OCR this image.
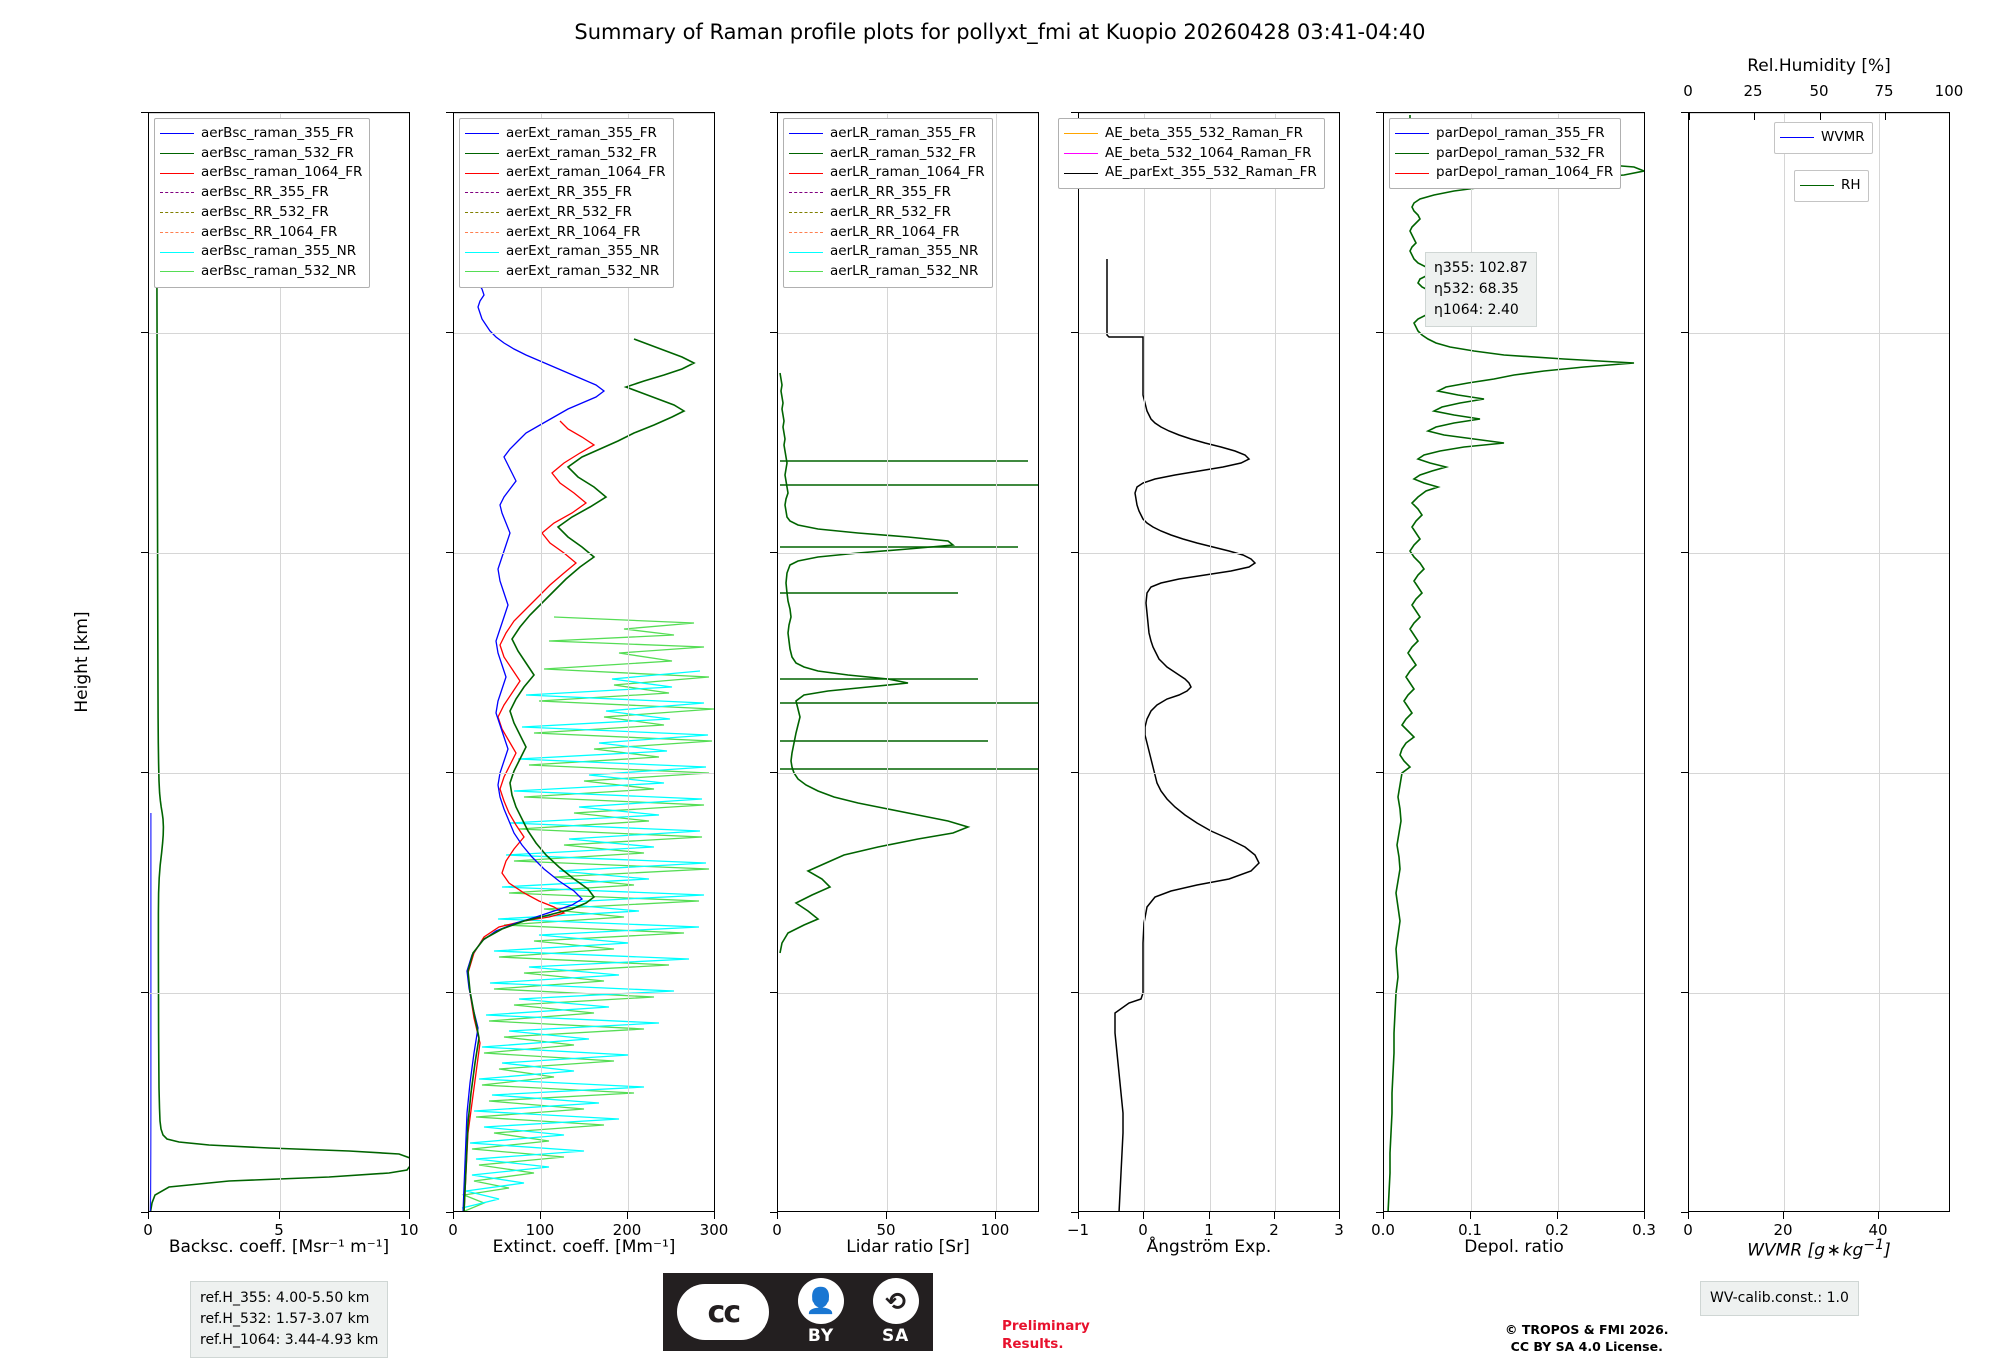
Summary of Raman profile plots for pollyxt_fmi at Kuopio 20260428 03:41-04:40
0	5	10
Backsc. coeff. [Msr⁻¹ m⁻¹]
Height [km]
aerBsc_raman_355_FR
aerBsc_raman_532_FR
aerBsc_raman_1064_FR
aerBsc_RR_355_FR
aerBsc_RR_532_FR
aerBsc_RR_1064_FR
aerBsc_raman_355_NR
aerBsc_raman_532_NR
0	100	200	300
Extinct. coeff. [Mm⁻¹]
aerExt_raman_355_FR
aerExt_raman_532_FR
aerExt_raman_1064_FR
aerExt_RR_355_FR
aerExt_RR_532_FR
aerExt_RR_1064_FR
aerExt_raman_355_NR
aerExt_raman_532_NR
0	50	100
Lidar ratio [Sr]
aerLR_raman_355_FR
aerLR_raman_532_FR
aerLR_raman_1064_FR
aerLR_RR_355_FR
aerLR_RR_532_FR
aerLR_RR_1064_FR
aerLR_raman_355_NR
aerLR_raman_532_NR
−1	0	1	2	3
Ångström Exp.
AE_beta_355_532_Raman_FR
AE_beta_532_1064_Raman_FR
AE_parExt_355_532_Raman_FR
η355: 102.87
η532: 68.35
η1064: 2.40
0.0	0.1	0.2	0.3
Depol. ratio
parDepol_raman_355_FR
parDepol_raman_532_FR
parDepol_raman_1064_FR
Rel.Humidity [%]
0	25	50	75	100
0	20	40
WVMR [g ∗ $kg^{-1}$]
WVMR
RH
ref.H_355: 4.00-5.50 km
ref.H_532: 1.57-3.07 km
ref.H_1064: 3.44-4.93 km
WV-calib.const.: 1.0
cc	👤
BY
⟲
SA	Preliminary
Results.
© TROPOS & FMI 2026.
CC BY SA 4.0 License.
